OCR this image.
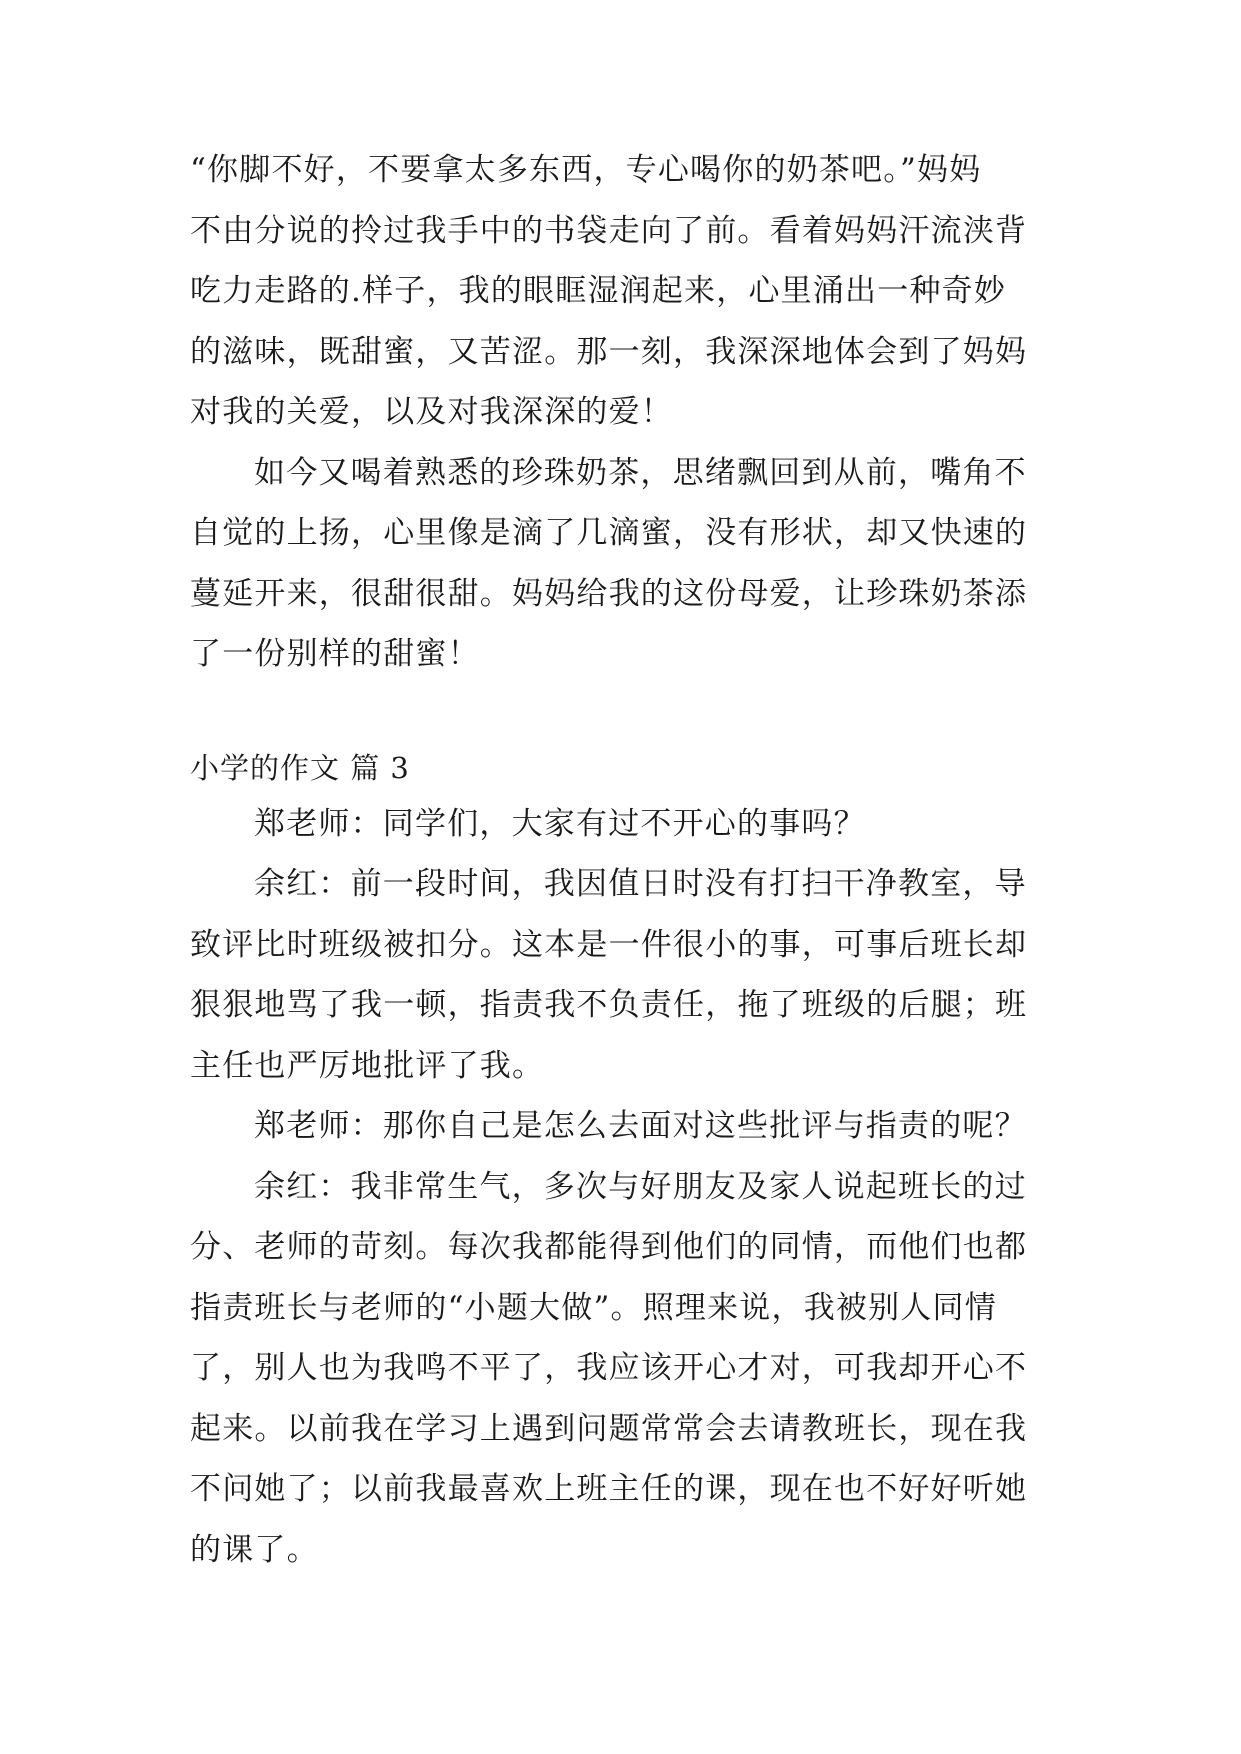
“你脚不好，不要拿太多东西，专心喝你的奶茶吧。”妈妈
不由分说的拎过我手中的书袋走向了前。看着妈妈汗流浃背
吃力走路的.样子，我的眼眶湿润起来，心里涌出一种奇妙
的滋味，既甜蜜，又苦涩。那一刻，我深深地体会到了妈妈
对我的关爱，以及对我深深的爱！
如今又喝着熟悉的珍珠奶茶，思绪飘回到从前，嘴角不
自觉的上扬，心里像是滴了几滴蜜，没有形状，却又快速的
蔓延开来，很甜很甜。妈妈给我的这份母爱，让珍珠奶茶添
了一份别样的甜蜜！
小学的作文 篇 3
郑老师：同学们，大家有过不开心的事吗？
余红：前一段时间，我因值日时没有打扫干净教室，导
致评比时班级被扣分。这本是一件很小的事，可事后班长却
狠狠地骂了我一顿，指责我不负责任，拖了班级的后腿；班
主任也严厉地批评了我。
郑老师：那你自己是怎么去面对这些批评与指责的呢？
余红：我非常生气，多次与好朋友及家人说起班长的过
分、老师的苛刻。每次我都能得到他们的同情，而他们也都
指责班长与老师的“小题大做”。照理来说，我被别人同情
了，别人也为我鸣不平了，我应该开心才对，可我却开心不
起来。以前我在学习上遇到问题常常会去请教班长，现在我
不问她了；以前我最喜欢上班主任的课，现在也不好好听她
的课了。
